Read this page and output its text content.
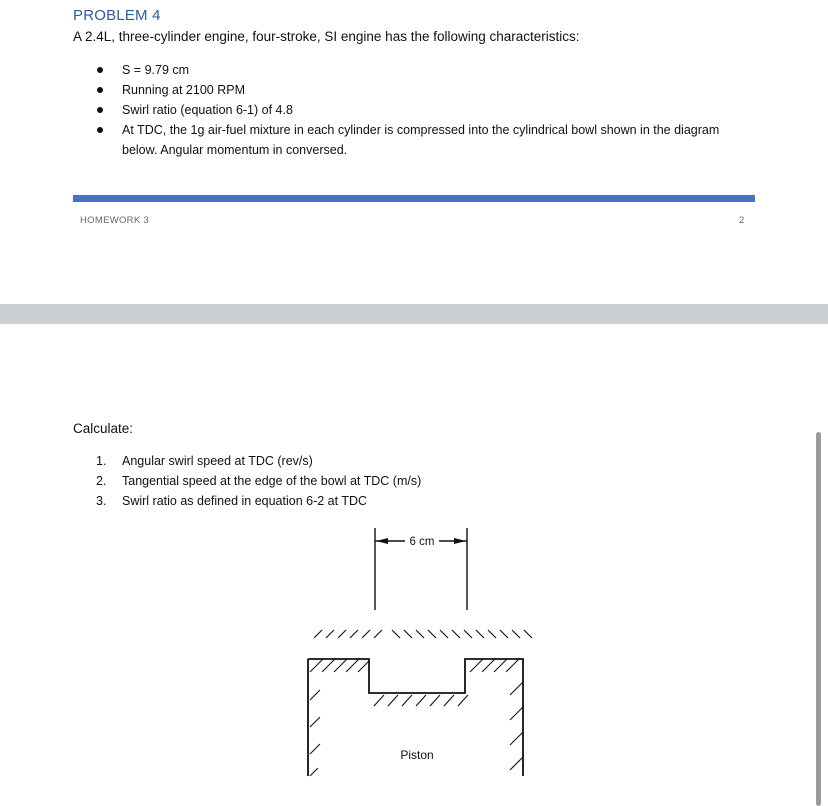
PROBLEM 4
A 2.4L, three-cylinder engine, four-stroke, SI engine has the following characteristics:
S = 9.79 cm
Running at 2100 RPM
Swirl ratio (equation 6-1) of 4.8
At TDC, the 1g air-fuel mixture in each cylinder is compressed into the cylindrical bowl shown in the diagram below. Angular momentum in conversed.
HOMEWORK 3	2
Calculate:
1. Angular swirl speed at TDC (rev/s)
2. Tangential speed at the edge of the bowl at TDC (m/s)
3. Swirl ratio as defined in equation 6-2 at TDC
6 cm
Piston
